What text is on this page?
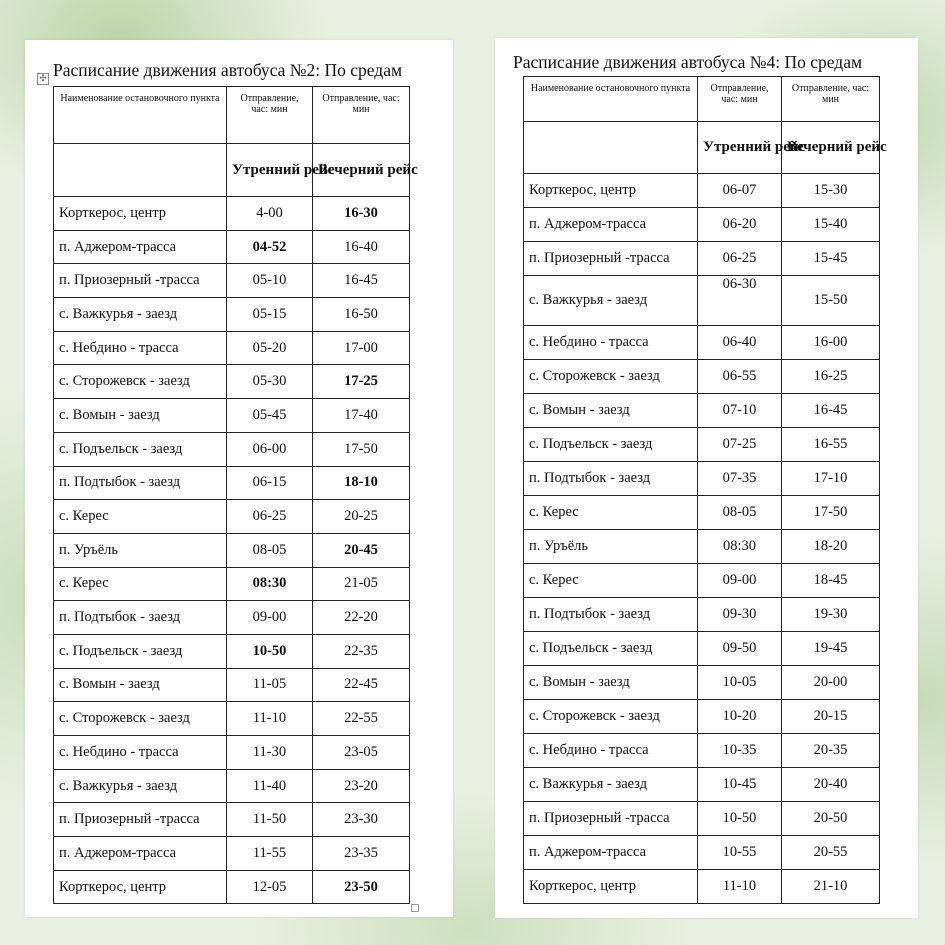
✣ Расписание движения автобуса №2: По средам
Наименование остановочного пункта	Отправление, час: мин	Отправление, час: мин
	Утренний рейс	Вечерний рейс
Корткерос, центр	4-00	16-30
п. Аджером-трасса	04-52	16-40
п. Приозерный -трасса	05-10	16-45
с. Важкурья - заезд	05-15	16-50
с. Небдино - трасса	05-20	17-00
с. Сторожевск - заезд	05-30	17-25
с. Вомын - заезд	05-45	17-40
с. Подъельск - заезд	06-00	17-50
п. Подтыбок - заезд	06-15	18-10
с. Керес	06-25	20-25
п. Уръёль	08-05	20-45
с. Керес	08:30	21-05
п. Подтыбок - заезд	09-00	22-20
с. Подъельск - заезд	10-50	22-35
с. Вомын - заезд	11-05	22-45
с. Сторожевск - заезд	11-10	22-55
с. Небдино - трасса	11-30	23-05
с. Важкурья - заезд	11-40	23-20
п. Приозерный -трасса	11-50	23-30
п. Аджером-трасса	11-55	23-35
Корткерос, центр	12-05	23-50
Расписание движения автобуса №4: По средам
Наименование остановочного пункта	Отправление, час: мин	Отправление, час: мин
	Утренний рейс	Вечерний рейс
Корткерос, центр	06-07	15-30
п. Аджером-трасса	06-20	15-40
п. Приозерный -трасса	06-25	15-45
с. Важкурья - заезд	06-30	15-50
с. Небдино - трасса	06-40	16-00
с. Сторожевск - заезд	06-55	16-25
с. Вомын - заезд	07-10	16-45
с. Подъельск - заезд	07-25	16-55
п. Подтыбок - заезд	07-35	17-10
с. Керес	08-05	17-50
п. Уръёль	08:30	18-20
с. Керес	09-00	18-45
п. Подтыбок - заезд	09-30	19-30
с. Подъельск - заезд	09-50	19-45
с. Вомын - заезд	10-05	20-00
с. Сторожевск - заезд	10-20	20-15
с. Небдино - трасса	10-35	20-35
с. Важкурья - заезд	10-45	20-40
п. Приозерный -трасса	10-50	20-50
п. Аджером-трасса	10-55	20-55
Корткерос, центр	11-10	21-10
